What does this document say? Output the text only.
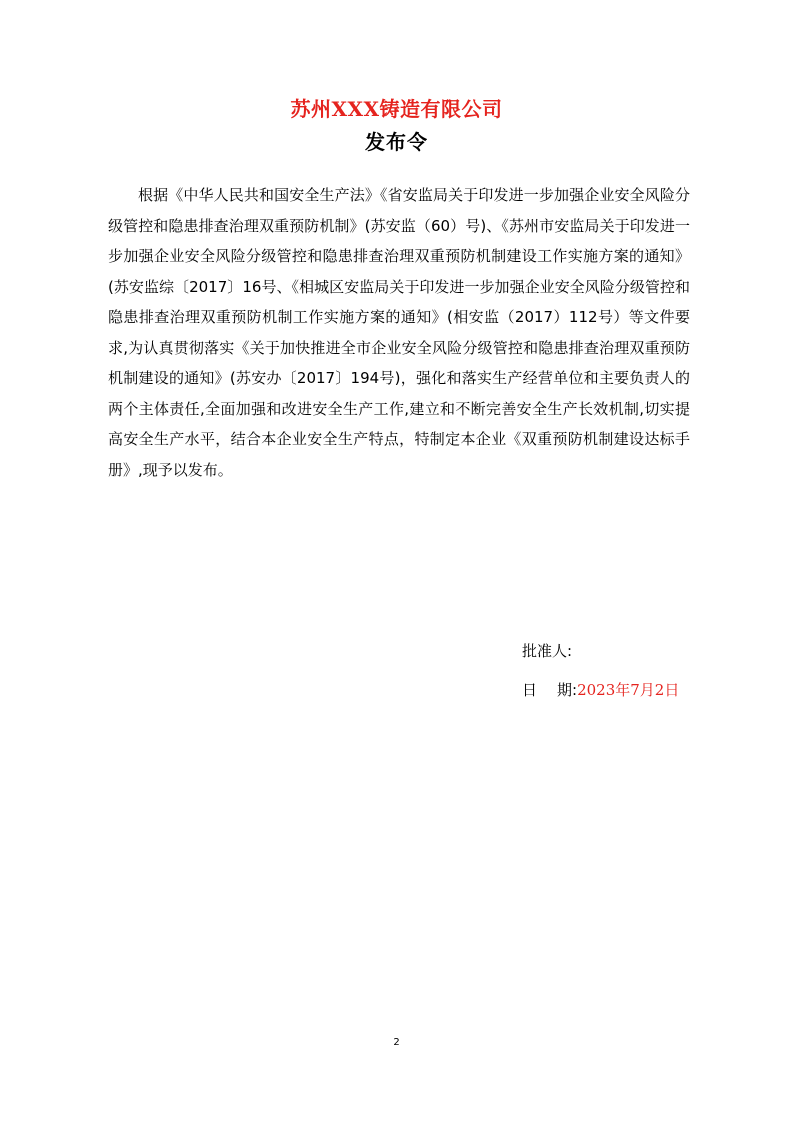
苏州XXX铸造有限公司
发布令

根据《中华人民共和国安全生产法》《省安监局关于印发进一步加强企业安全风险分级管控和隐患排查治理双重预防机制》(苏安监（60）号)、《苏州市安监局关于印发进一步加强企业安全风险分级管控和隐患排查治理双重预防机制建设工作实施方案的通知》(苏安监综〔2017〕16号、《相城区安监局关于印发进一步加强企业安全风险分级管控和隐患排查治理双重预防机制工作实施方案的通知》(相安监（2017）112号）等文件要求,为认真贯彻落实《关于加快推进全市企业安全风险分级管控和隐患排查治理双重预防机制建设的通知》(苏安办〔2017〕194号)，强化和落实生产经营单位和主要负责人的两个主体责任,全面加强和改进安全生产工作,建立和不断完善安全生产长效机制,切实提高安全生产水平，结合本企业安全生产特点，特制定本企业《双重预防机制建设达标手册》,现予以发布。

批准人:
日 期:2023年7月2日
2
